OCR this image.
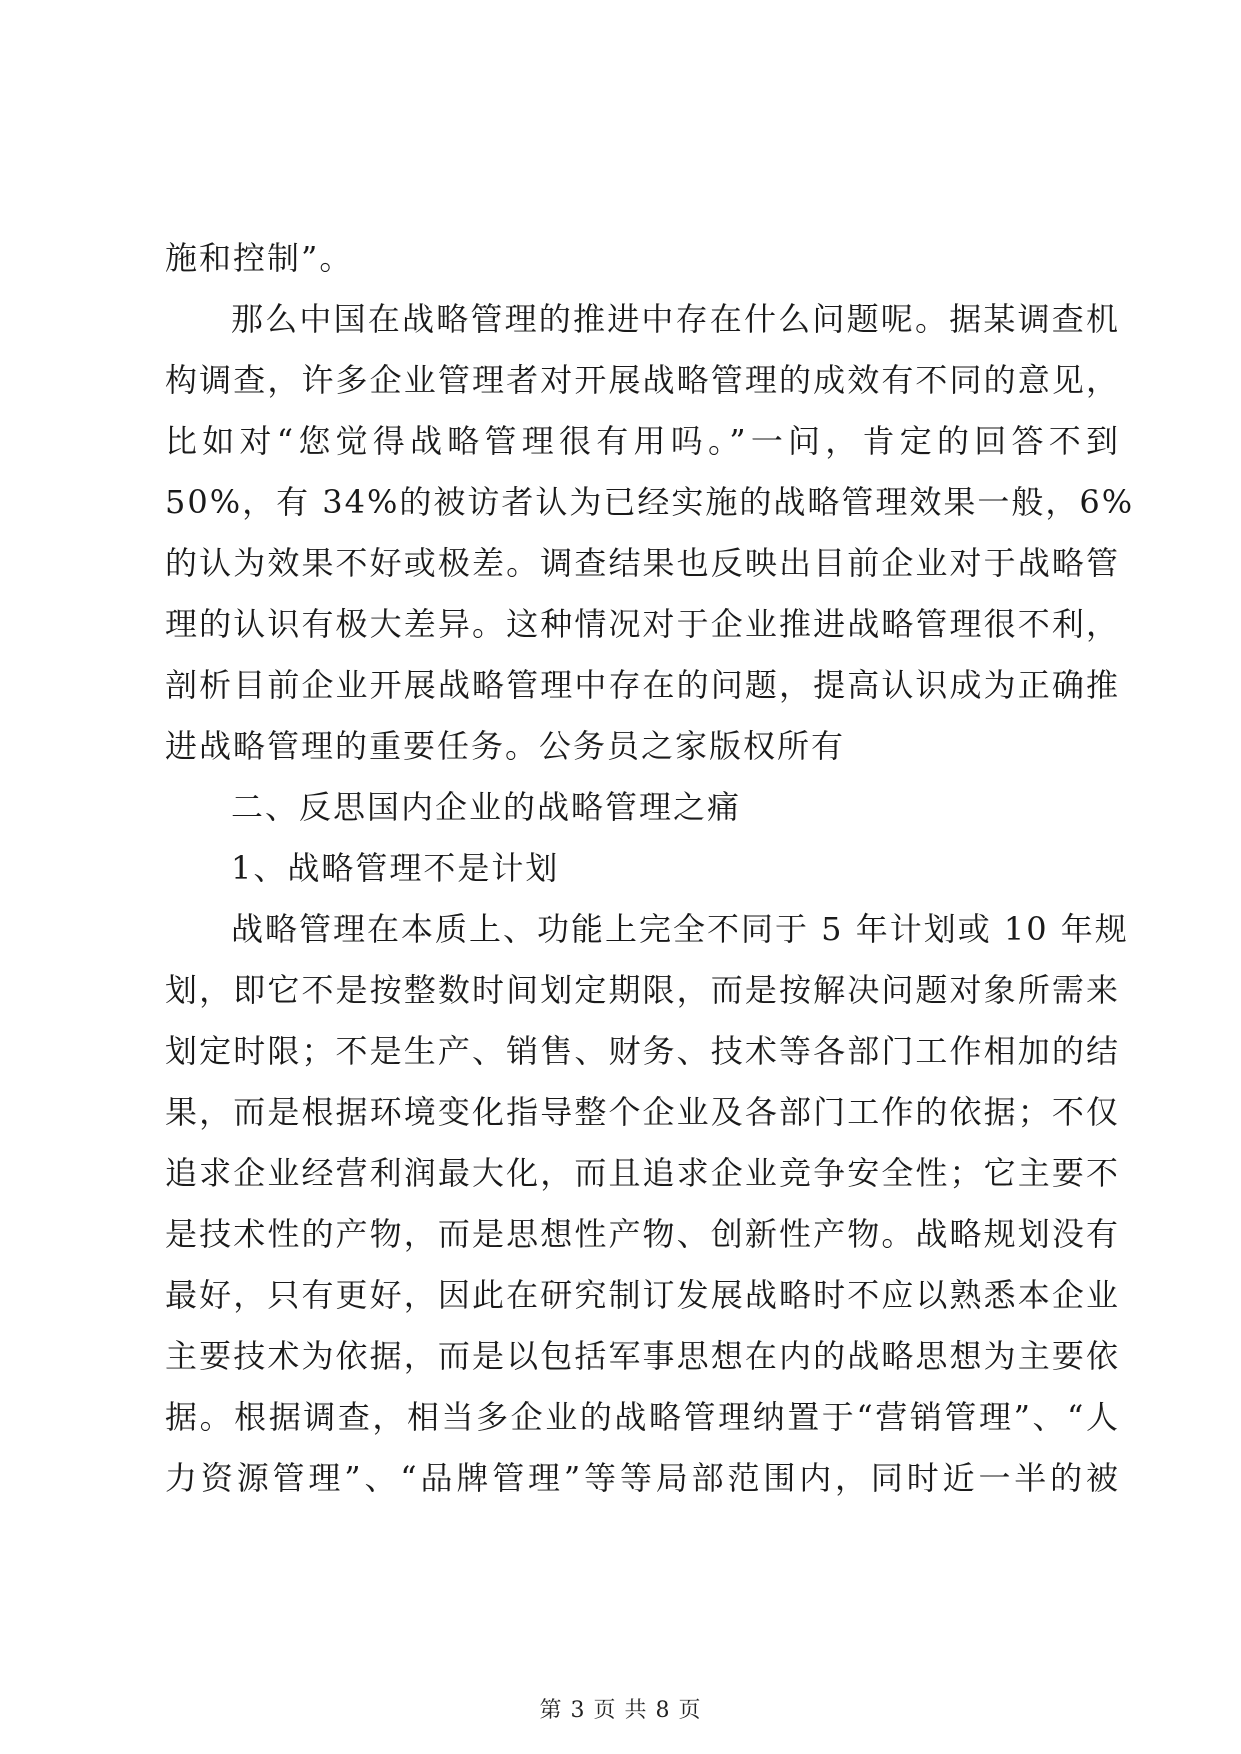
施和控制”。
那么中国在战略管理的推进中存在什么问题呢。据某调查机
构调查，许多企业管理者对开展战略管理的成效有不同的意见，
比如对“您觉得战略管理很有用吗。”一问，肯定的回答不到
50%，有 34%的被访者认为已经实施的战略管理效果一般，6%
的认为效果不好或极差。调查结果也反映出目前企业对于战略管
理的认识有极大差异。这种情况对于企业推进战略管理很不利，
剖析目前企业开展战略管理中存在的问题，提高认识成为正确推
进战略管理的重要任务。公务员之家版权所有
二、反思国内企业的战略管理之痛
1、战略管理不是计划
战略管理在本质上、功能上完全不同于 5 年计划或 10 年规
划，即它不是按整数时间划定期限，而是按解决问题对象所需来
划定时限；不是生产、销售、财务、技术等各部门工作相加的结
果，而是根据环境变化指导整个企业及各部门工作的依据；不仅
追求企业经营利润最大化，而且追求企业竞争安全性；它主要不
是技术性的产物，而是思想性产物、创新性产物。战略规划没有
最好，只有更好，因此在研究制订发展战略时不应以熟悉本企业
主要技术为依据，而是以包括军事思想在内的战略思想为主要依
据。根据调查，相当多企业的战略管理纳置于“营销管理”、“人
力资源管理”、“品牌管理”等等局部范围内，同时近一半的被
第 3 页 共 8 页
